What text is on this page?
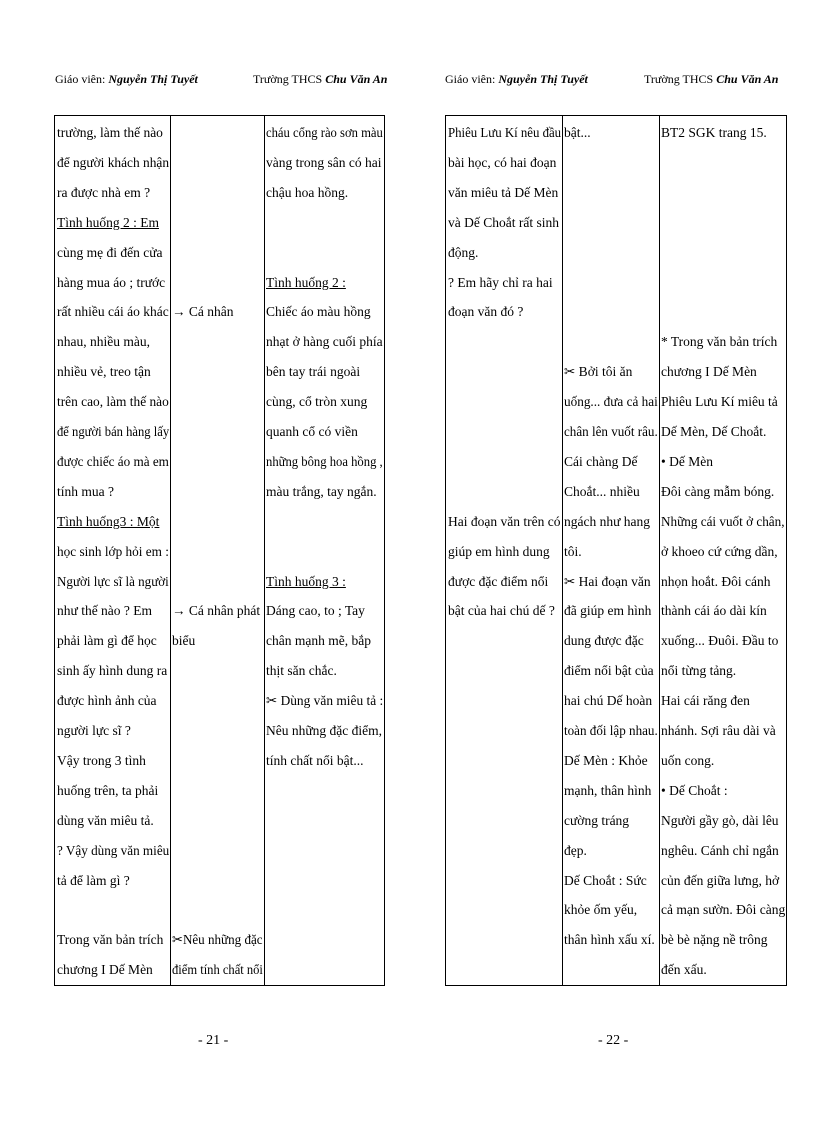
Giáo viên: Nguyễn Thị Tuyết	Trường THCS Chu Văn An
trường, làm thế nào
để người khách nhận
ra được nhà em ?
Tình huống 2 : Em
cùng mẹ đi đến cửa
hàng mua áo ; trước
rất nhiều cái áo khác
nhau, nhiều màu,
nhiều vẻ, treo tận
trên cao, làm thế nào
để người bán hàng lấy
được chiếc áo mà em
tính mua ?
Tình huống3 : Một
học sinh lớp hỏi em :
Người lực sĩ là người
như thế nào ? Em
phải làm gì để học
sinh ấy hình dung ra
được hình ảnh của
người lực sĩ ?
Vậy trong 3 tình
huống trên, ta phải
dùng văn miêu tả.
? Vậy dùng văn miêu
tả để làm gì ?
Trong văn bản trích
chương I Dế Mèn
→ Cá nhân
→ Cá nhân phát
biểu
✂Nêu những đặc
điểm tính chất nổi
cháu cổng rào sơn màu
vàng trong sân có hai
chậu hoa hồng.
Tình huống 2 :
Chiếc áo màu hồng
nhạt ở hàng cuối phía
bên tay trái ngoài
cùng, cổ tròn xung
quanh cổ có viền
những bông hoa hồng ,
màu trắng, tay ngắn.
Tình huống 3 :
Dáng cao, to ; Tay
chân mạnh mẽ, bắp
thịt săn chắc.
✂ Dùng văn miêu tả :
Nêu những đặc điểm,
tính chất nổi bật...
- 21 -
Giáo viên: Nguyễn Thị Tuyết	Trường THCS Chu Văn An
Phiêu Lưu Kí nêu đầu
bài học, có hai đoạn
văn miêu tả Dế Mèn
và Dế Choắt rất sinh
động.
? Em hãy chỉ ra hai
đoạn văn đó ?
Hai đoạn văn trên có
giúp em hình dung
được đặc điểm nổi
bật của hai chú dế ?
bật...
✂ Bởi tôi ăn
uống... đưa cả hai
chân lên vuốt râu.
Cái chàng Dế
Choắt... nhiều
ngách như hang
tôi.
✂ Hai đoạn văn
đã giúp em hình
dung được đặc
điểm nổi bật của
hai chú Dế hoàn
toàn đối lập nhau.
Dế Mèn : Khỏe
mạnh, thân hình
cường tráng
đẹp.
Dế Choắt : Sức
khỏe ốm yếu,
thân hình xấu xí.
BT2 SGK trang 15.
* Trong văn bản trích
chương I Dế Mèn
Phiêu Lưu Kí miêu tả
Dế Mèn, Dế Choắt.
• Dế Mèn
Đôi càng mẫm bóng.
Những cái vuốt ở chân,
ở khoeo cứ cứng dần,
nhọn hoắt. Đôi cánh
thành cái áo dài kín
xuống... Đuôi. Đầu to
nổi từng tảng.
Hai cái răng đen
nhánh. Sợi râu dài và
uốn cong.
• Dế Choắt :
Người gầy gò, dài lêu
nghêu. Cánh chỉ ngắn
củn đến giữa lưng, hở
cả mạn sườn. Đôi càng
bè bè nặng nề trông
đến xấu.
- 22 -
